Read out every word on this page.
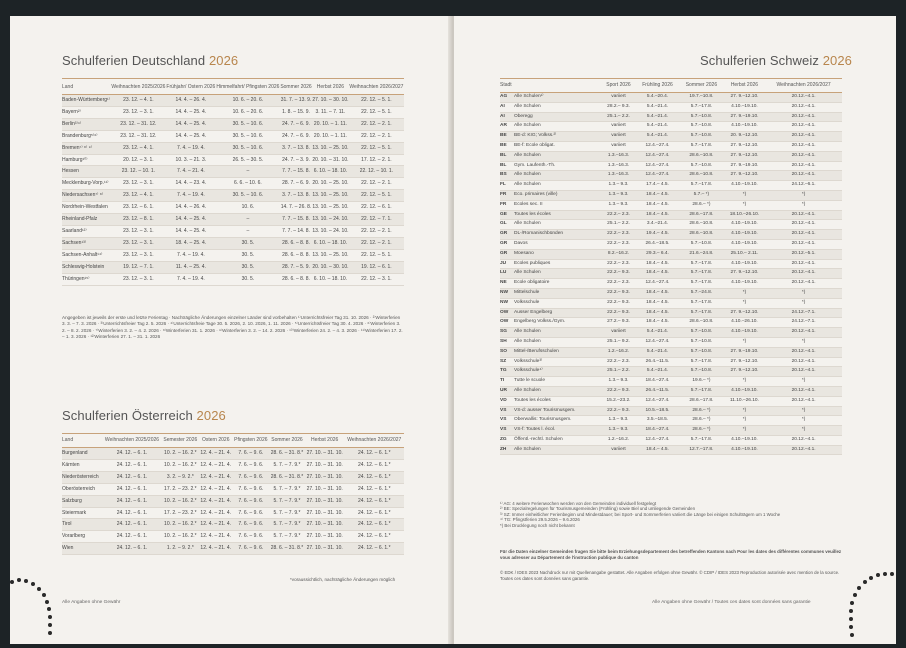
Schulferien Deutschland 2026
Land	Weihnachten 2025/2026	Frühjahr/ Ostern 2026	Himmelfahrt/ Pfingsten 2026	Sommer 2026	Herbst 2026	Weihnachten 2026/2027
Baden-Württemberg¹⁾	23. 12. – 4. 1.	14. 4. – 26. 4.	10. 6. – 20. 6.	31. 7. – 13. 9.	27. 10. – 30. 10.	22. 12. – 5. 1.
Bayern²⁾	23. 12. – 3. 1.	14. 4. – 25. 4.	10. 6. – 20. 6.	1. 8. – 15. 9.	3. 11. – 7. 11.	22. 12. – 5. 1.
Berlin³⁾⁴⁾	23. 12. – 31. 12.	14. 4. – 25. 4.	30. 5. – 10. 6.	24. 7. – 6. 9.	20. 10. – 1. 11.	22. 12. – 2. 1.
Brandenburg⁵⁾⁶⁾	23. 12. – 31. 12.	14. 4. – 25. 4.	30. 5. – 10. 6.	24. 7. – 6. 9.	20. 10. – 1. 11.	22. 12. – 2. 1.
Bremen⁷⁾ ⁸⁾ ⁹⁾	23. 12. – 4. 1.	7. 4. – 19. 4.	30. 5. – 10. 6.	3. 7. – 13. 8.	13. 10. – 25. 10.	22. 12. – 5. 1.
Hamburg¹⁰⁾	20. 12. – 3. 1.	10. 3. – 21. 3.	26. 5. – 30. 5.	24. 7. – 3. 9.	20. 10. – 31. 10.	17. 12. – 2. 1.
Hessen	23. 12. – 10. 1.	7. 4. – 21. 4.	–	7. 7. – 15. 8.	6. 10. – 18. 10.	22. 12. – 10. 1.
Mecklenburg-Vorp.¹¹⁾	23. 12. – 3. 1.	14. 4. – 23. 4.	6. 6. – 10. 6.	28. 7. – 6. 9.	20. 10. – 25. 10.	22. 12. – 2. 1.
Niedersachsen⁷⁾ ⁸⁾	23. 12. – 4. 1.	7. 4. – 19. 4.	30. 5. – 10. 6.	3. 7. – 13. 8.	13. 10. – 25. 10.	22. 12. – 5. 1.
Nordrhein-Westfalen	23. 12. – 6. 1.	14. 4. – 26. 4.	10. 6.	14. 7. – 26. 8.	13. 10. – 25. 10.	22. 12. – 6. 1.
Rheinland-Pfalz	23. 12. – 8. 1.	14. 4. – 25. 4.	–	7. 7. – 15. 8.	13. 10. – 24. 10.	22. 12. – 7. 1.
Saarland¹²⁾	23. 12. – 3. 1.	14. 4. – 25. 4.	–	7. 7. – 14. 8.	13. 10. – 24. 10.	22. 12. – 2. 1.
Sachsen¹³⁾	23. 12. – 3. 1.	18. 4. – 25. 4.	30. 5.	28. 6. – 8. 8.	6. 10. – 18. 10.	22. 12. – 2. 1.
Sachsen-Anhalt¹⁴⁾	23. 12. – 3. 1.	7. 4. – 19. 4.	30. 5.	28. 6. – 8. 8.	13. 10. – 25. 10.	22. 12. – 5. 1.
Schleswig-Holstein	19. 12. – 7. 1.	11. 4. – 25. 4.	30. 5.	28. 7. – 5. 9.	20. 10. – 30. 10.	19. 12. – 6. 1.
Thüringen¹⁵⁾	23. 12. – 3. 1.	7. 4. – 19. 4.	30. 5.	28. 6. – 8. 8.	6. 10. – 18. 10.	22. 12. – 3. 1.
Angegeben ist jeweils der erste und letzte Ferientag · Nachträgliche Änderungen einzelner Länder sind vorbehalten ¹⁾Unterrichtsfreier Tag 31. 10. 2026 · ²⁾Winterferien 3. 3. – 7. 3. 2026 · ³⁾Unterrichtsfreier Tag 2. 5. 2026 · ⁴⁾Unterrichtsfreie Tage 30. 5. 2026, 2. 10. 2026, 1. 11. 2026 · ⁵⁾Unterrichtsfreier Tag 30. 4. 2026 · ⁶⁾Winterferien 3. 2. – 8. 2. 2026 · ⁷⁾Winterferien 3. 2. – 4. 2. 2026 · ⁸⁾Winterferien 31. 1. 2026 · ⁹⁾Winterferien 3. 2. – 14. 2. 2026 · ¹⁰⁾Winterferien 24. 2. – 4. 3. 2026 · ¹¹⁾Winterferien 17. 2. – 1. 3. 2026 · ¹²⁾Winterferien 27. 1. – 31. 1. 2026
Schulferien Österreich 2026
Land	Weihnachten 2025/2026	Semester 2026	Ostern 2026	Pfingsten 2026	Sommer 2026	Herbst 2026	Weihnachten 2026/2027
Burgenland	24. 12. – 6. 1.	10. 2. – 16. 2.*	12. 4. – 21. 4.	7. 6. – 9. 6.	28. 6. – 31. 8.*	27. 10. – 31. 10.	24. 12. – 6. 1.*
Kärnten	24. 12. – 6. 1.	10. 2. – 16. 2.*	12. 4. – 21. 4.	7. 6. – 9. 6.	5. 7. – 7. 9.*	27. 10. – 31. 10.	24. 12. – 6. 1.*
Niederösterreich	24. 12. – 6. 1.	3. 2. – 9. 2.*	12. 4. – 21. 4.	7. 6. – 9. 6.	28. 6. – 31. 8.*	27. 10. – 31. 10.	24. 12. – 6. 1.*
Oberösterreich	24. 12. – 6. 1.	17. 2. – 23. 2.*	12. 4. – 21. 4.	7. 6. – 9. 6.	5. 7. – 7. 9.*	27. 10. – 31. 10.	24. 12. – 6. 1.*
Salzburg	24. 12. – 6. 1.	10. 2. – 16. 2.*	12. 4. – 21. 4.	7. 6. – 9. 6.	5. 7. – 7. 9.*	27. 10. – 31. 10.	24. 12. – 6. 1.*
Steiermark	24. 12. – 6. 1.	17. 2. – 23. 2.*	12. 4. – 21. 4.	7. 6. – 9. 6.	5. 7. – 7. 9.*	27. 10. – 31. 10.	24. 12. – 6. 1.*
Tirol	24. 12. – 6. 1.	10. 2. – 16. 2.*	12. 4. – 21. 4.	7. 6. – 9. 6.	5. 7. – 7. 9.*	27. 10. – 31. 10.	24. 12. – 6. 1.*
Vorarlberg	24. 12. – 6. 1.	10. 2. – 16. 2.*	12. 4. – 21. 4.	7. 6. – 9. 6.	5. 7. – 7. 9.*	27. 10. – 31. 10.	24. 12. – 6. 1.*
Wien	24. 12. – 6. 1.	1. 2. – 9. 2.*	12. 4. – 21. 4.	7. 6. – 9. 6.	28. 6. – 31. 8.*	27. 10. – 31. 10.	24. 12. – 6. 1.*
*voraussichtlich, nachträgliche Änderungen möglich
Schulferien Schweiz 2026
Stadt		Sport 2026	Frühling 2026	Sommer 2026	Herbst 2026	Weihnachten 2026/2027
AG	Alle Schulen¹⁾	variiert	5.4.–20.4.	19.7.–10.8.	27. 9.–12.10.	20.12.–4.1.
AI	Alle Schulen	28.2.– 9.3.	5.4.–21.4.	5.7.–17.8.	4.10.–19.10.	20.12.–4.1.
AI	Oberegg	25.1.– 2.2.	5.4.–21.4.	5.7.–10.8.	27. 9.–19.10.	20.12.–4.1.
AR	Alle Schulen	variiert	5.4.–21.4.	5.7.–10.8.	4.10.–19.10.	20.12.–4.1.
BE	BE-d: KIG; Volkss.²⁾	variiert	5.4.–21.4.	5.7.–10.8.	20. 9.–12.10.	20.12.–4.1.
BE	BE-f: Ecole obligat.	variiert	12.4.–27.4.	5.7.–17.8.	27. 9.–12.10.	20.12.–4.1.
BL	Alle Schulen	1.3.–16.3.	12.4.–27.4.	28.6.–10.8.	27. 9.–12.10.	20.12.–4.1.
BL	Gym. Laufenth.-Th.	1.3.–16.3.	12.4.–27.4.	5.7.–10.8.	27. 9.–19.10.	20.12.–4.1.
BS	Alle Schulen	1.3.–16.3.	12.4.–27.4.	28.6.–10.8.	27. 9.–12.10.	20.12.–4.1.
FL	Alle Schulen	1.3.– 9.3.	17.4.– 4.5.	5.7.–17.8.	4.10.–19.10.	24.12.–6.1.
FR	Eco. primaires (ville)	1.3.– 9.3.	18.4.– 4.5.	5.7.– *)	*)	*)
FR	Ecoles sec. II	1.3.– 9.3.	18.4.– 4.5.	28.6.– *)	*)	*)
GE	Toutes les écoles	22.2.– 2.3.	18.4.– 4.5.	28.6.–17.8.	18.10.–26.10.	20.12.–4.1.
GL	Alle Schulen	25.1.– 2.2.	3.4.–21.4.	28.6.–10.8.	4.10.–19.10.	20.12.–4.1.
GR	DL-/Romanischbünden	22.2.– 2.3.	19.4.– 4.5.	28.6.–10.8.	4.10.–19.10.	20.12.–4.1.
GR	Davos	22.2.– 2.3.	26.4.–18.5.	5.7.–10.8.	4.10.–19.10.	20.12.–4.1.
GR	Moesano	8.2.–16.2.	29.3.– 6.4.	21.6.–24.8.	25.10.– 2.11.	20.12.–5.1.
JU	Ecoles publiques	22.2.– 2.3.	18.4.– 4.5.	5.7.–17.8.	4.10.–19.10.	20.12.–4.1.
LU	Alle Schulen	22.2.– 9.3.	18.4.– 4.5.	5.7.–17.8.	27. 9.–12.10.	20.12.–4.1.
NE	Ecole obligatoire	22.2.– 2.3.	12.4.–27.4.	5.7.–17.8.	4.10.–19.10.	20.12.–4.1.
NW	Mittelschule	22.2.– 9.3.	18.4.– 4.5.	5.7.–24.8.	*)	*)
NW	Volksschule	22.2.– 9.3.	18.4.– 4.5.	5.7.–17.8.	*)	*)
OW	Ausser Engelberg	22.2.– 9.3.	18.4.– 4.5.	5.7.–17.8.	27. 9.–12.10.	24.12.–7.1.
OW	Engelberg Volkss./Gym.	27.2.– 9.3.	18.4.– 4.5.	28.6.–10.8.	4.10.–26.10.	24.12.–7.1.
SG	Alle Schulen	variiert	5.4.–21.4.	5.7.–10.8.	4.10.–19.10.	20.12.–4.1.
SH	Alle Schulen	25.1.– 9.2.	12.4.–27.4.	5.7.–10.8.	*)	*)
SO	Mittel-/Berufsschulen	1.2.–16.2.	5.4.–21.4.	5.7.–10.8.	27. 9.–19.10.	20.12.–4.1.
SZ	Volksschule³⁾	22.2.– 2.3.	26.4.–11.5.	5.7.–17.8.	27. 9.–12.10.	20.12.–4.1.
TG	Volksschule⁴⁾	25.1.– 2.2.	5.4.–21.4.	5.7.–10.8.	27. 9.–12.10.	20.12.–4.1.
TI	Tutte le scuole	1.3.– 9.3.	18.4.–27.4.	19.6.– *)	*)	*)
UR	Alle Schulen	22.2.– 9.3.	26.4.–11.5.	5.7.–17.8.	4.10.–19.10.	20.12.–4.1.
VD	Toutes les écoles	15.2.–23.2.	12.4.–27.4.	28.6.–17.8.	11.10.–26.10.	20.12.–4.1.
VS	VS-d: ausser Tourismusgem.	22.2.– 9.3.	10.5.–18.5.	28.6.– *)	*)	*)
VS	Oberwallis: Tourismusgem.	1.3.– 9.3.	3.5.–18.5.	28.6.– *)	*)	*)
VS	VS-f: Toutes l. écol.	1.3.– 9.3.	18.4.–27.4.	28.6.– *)	*)	*)
ZG	Öffentl.-rechtl. Schulen	1.2.–16.2.	12.4.–27.4.	5.7.–17.8.	4.10.–19.10.	20.12.–4.1.
ZH	Alle Schulen	variiert	18.4.– 4.5.	12.7.–17.8.	4.10.–19.10.	20.12.–4.1.
¹⁾ AG: 4 weitere Ferienwochen werden von den Gemeinden individuell festgelegt
²⁾ BE: Spezialregelungen für Tourismusgemeinden (Frühling) sowie Biel und umliegende Gemeinden
³⁾ SZ: Immer einheitlicher Ferienbeginn und Mindestdauer; bei Sport- und Sommerferien variiert die Länge bei einigen Schulträgern um 1 Woche
⁴⁾ TG: Pfingstferien 29.5.2026 – 9.6.2026
*) Bei Drucklegung noch nicht bekannt
Für die Daten einzelner Gemeinden fragen Sie bitte beim Erziehungsdepartement des betreffenden Kantons nach Pour les dates des différentes communes veuillez vous adresser au Département de l'instruction publique du canton
© EDK / IDES 2023 Nachdruck nur mit Quellenangabe gestattet. Alle Angaben erfolgen ohne Gewähr. © CDIP / IDES 2023 Reproduction autorisée avec mention de la source. Toutes ces dates sont données sans garantie.
Alle Angaben ohne Gewähr	Alle Angaben ohne Gewähr / Toutes ces dates sont données sans garantie
